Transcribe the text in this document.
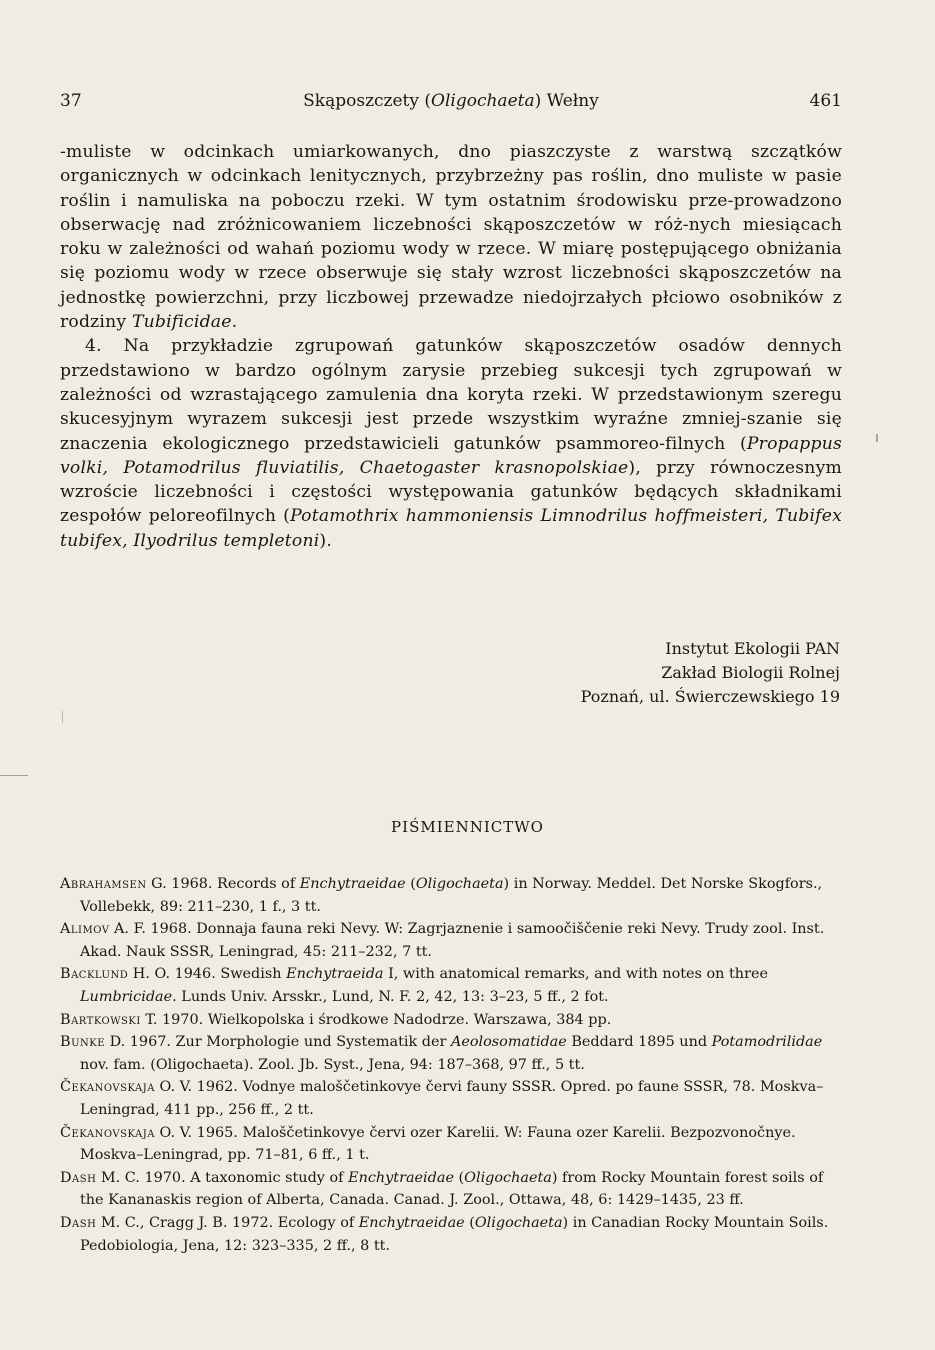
37	Skąposzczety (Oligochaeta) Wełny	461

-muliste w odcinkach umiarkowanych, dno piaszczyste z warstwą szczątków organicznych w odcinkach lenitycznych, przybrzeżny pas roślin, dno muliste w pasie roślin i namuliska na poboczu rzeki. W tym ostatnim środowisku prze-prowadzono obserwację nad zróżnicowaniem liczebności skąposzczetów w róż-nych miesiącach roku w zależności od wahań poziomu wody w rzece. W miarę postępującego obniżania się poziomu wody w rzece obserwuje się stały wzrost liczebności skąposzczetów na jednostkę powierzchni, przy liczbowej przewadze niedojrzałych płciowo osobników z rodziny Tubificidae.

4. Na przykładzie zgrupowań gatunków skąposzczetów osadów dennych przedstawiono w bardzo ogólnym zarysie przebieg sukcesji tych zgrupowań w zależności od wzrastającego zamulenia dna koryta rzeki. W przedstawionym szeregu skucesyjnym wyrazem sukcesji jest przede wszystkim wyraźne zmniej-szanie się znaczenia ekologicznego przedstawicieli gatunków psammoreo-filnych (Propappus volki, Potamodrilus fluviatilis, Chaetogaster krasnopolskiae), przy równoczesnym wzroście liczebności i częstości występowania gatunków będących składnikami zespołów peloreofilnych (Potamothrix hammoniensis Limnodrilus hoffmeisteri, Tubifex tubifex, Ilyodrilus templetoni).

Instytut Ekologii PAN
Zakład Biologii Rolnej
Poznań, ul. Świerczewskiego 19
PIŚMIENNICTWO

Abrahamsen G. 1968. Records of Enchytraeidae (Oligochaeta) in Norway. Meddel. Det Norske Skogfors., Vollebekk, 89: 211–230, 1 f., 3 tt.

Alimov A. F. 1968. Donnaja fauna reki Nevy. W: Zagrjaznenie i samoočiščenie reki Nevy. Trudy zool. Inst. Akad. Nauk SSSR, Leningrad, 45: 211–232, 7 tt.

Backlund H. O. 1946. Swedish Enchytraeida I, with anatomical remarks, and with notes on three Lumbricidae. Lunds Univ. Arsskr., Lund, N. F. 2, 42, 13: 3–23, 5 ff., 2 fot.

Bartkowski T. 1970. Wielkopolska i środkowe Nadodrze. Warszawa, 384 pp.

Bunke D. 1967. Zur Morphologie und Systematik der Aeolosomatidae Beddard 1895 und Potamodrilidae nov. fam. (Oligochaeta). Zool. Jb. Syst., Jena, 94: 187–368, 97 ff., 5 tt.

Čekanovskaja O. V. 1962. Vodnye maloščetinkovye červi fauny SSSR. Opred. po faune SSSR, 78. Moskva–Leningrad, 411 pp., 256 ff., 2 tt.

Čekanovskaja O. V. 1965. Maloščetinkovye červi ozer Karelii. W: Fauna ozer Karelii. Bezpozvonočnye. Moskva–Leningrad, pp. 71–81, 6 ff., 1 t.

Dash M. C. 1970. A taxonomic study of Enchytraeidae (Oligochaeta) from Rocky Mountain forest soils of the Kananaskis region of Alberta, Canada. Canad. J. Zool., Ottawa, 48, 6: 1429–1435, 23 ff.

Dash M. C., Cragg J. B. 1972. Ecology of Enchytraeidae (Oligochaeta) in Canadian Rocky Mountain Soils. Pedobiologia, Jena, 12: 323–335, 2 ff., 8 tt.
